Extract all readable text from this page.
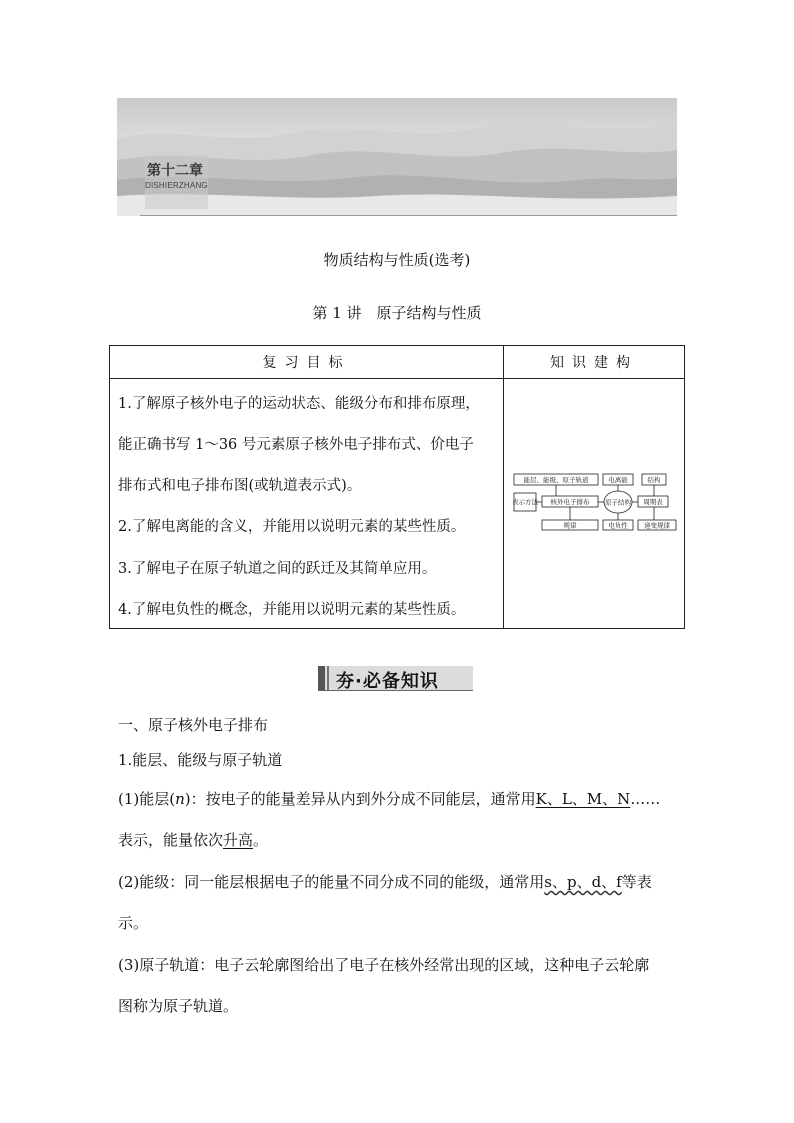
第十二章
DISHIERZHANG
物质结构与性质(选考)
第 1 讲　原子结构与性质
复习目标	知识建构

1.了解原子核外电子的运动状态、能级分布和排布原理，
能正确书写 1～36 号元素原子核外电子排布式、价电子
排布式和电子排布图(或轨道表示式)。
2.了解电离能的含义，并能用以说明元素的某些性质。
3.了解电子在原子轨道之间的跃迁及其简单应用。
4.了解电负性的概念，并能用以说明元素的某些性质。
能层、能级、原子轨道
表示方法 核外电子排布
规律
电离能
原子结构
电负性
结构
周期表
递变规律
夯·必备知识
一、原子核外电子排布
1.能层、能级与原子轨道
(1)能层(n)：按电子的能量差异从内到外分成不同能层，通常用K、L、M、N……
表示，能量依次升高。
(2)能级：同一能层根据电子的能量不同分成不同的能级，通常用s、p、d、f等表
示。
(3)原子轨道：电子云轮廓图给出了电子在核外经常出现的区域，这种电子云轮廓
图称为原子轨道。
